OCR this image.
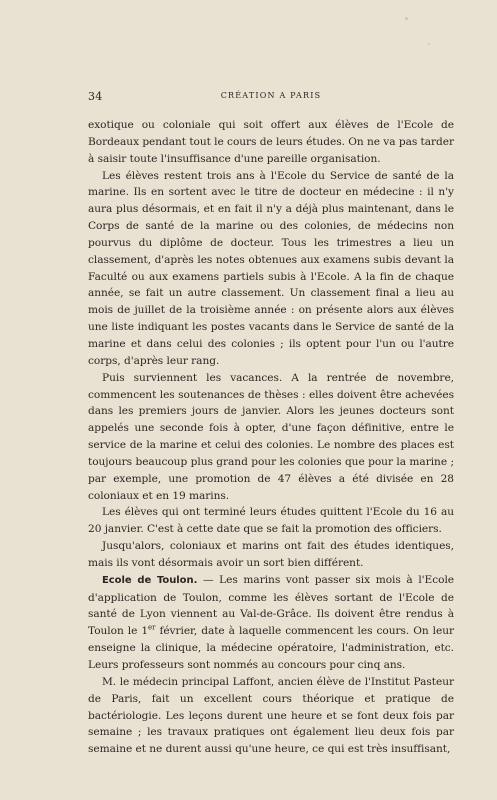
34	CRÉATION A PARIS

exotique ou coloniale qui soit offert aux élèves de l'Ecole de Bordeaux pendant tout le cours de leurs études. On ne va pas tarder à saisir toute l'insuffisance d'une pareille organisation.

Les élèves restent trois ans à l'Ecole du Service de santé de la marine. Ils en sortent avec le titre de docteur en médecine : il n'y aura plus désormais, et en fait il n'y a déjà plus maintenant, dans le Corps de santé de la marine ou des colonies, de médecins non pourvus du diplôme de docteur. Tous les trimestres a lieu un classement, d'après les notes obtenues aux examens subis devant la Faculté ou aux examens partiels subis à l'Ecole. A la fin de chaque année, se fait un autre classement. Un classement final a lieu au mois de juillet de la troisième année : on présente alors aux élèves une liste indiquant les postes vacants dans le Service de santé de la marine et dans celui des colonies ; ils optent pour l'un ou l'autre corps, d'après leur rang.

Puis surviennent les vacances. A la rentrée de novembre, commencent les soutenances de thèses : elles doivent être achevées dans les premiers jours de janvier. Alors les jeunes docteurs sont appelés une seconde fois à opter, d'une façon définitive, entre le service de la marine et celui des colonies. Le nombre des places est toujours beaucoup plus grand pour les colonies que pour la marine ; par exemple, une promotion de 47 élèves a été divisée en 28 coloniaux et en 19 marins.

Les élèves qui ont terminé leurs études quittent l'Ecole du 16 au 20 janvier. C'est à cette date que se fait la promotion des officiers.

Jusqu'alors, coloniaux et marins ont fait des études identiques, mais ils vont désormais avoir un sort bien différent.

Ecole de Toulon. — Les marins vont passer six mois à l'Ecole d'application de Toulon, comme les élèves sortant de l'Ecole de santé de Lyon viennent au Val-de-Grâce. Ils doivent être rendus à Toulon le 1er février, date à laquelle commencent les cours. On leur enseigne la clinique, la médecine opératoire, l'administration, etc. Leurs professeurs sont nommés au concours pour cinq ans.

M. le médecin principal Laffont, ancien élève de l'Institut Pasteur de Paris, fait un excellent cours théorique et pratique de bactériologie. Les leçons durent une heure et se font deux fois par semaine ; les travaux pratiques ont également lieu deux fois par semaine et ne durent aussi qu'une heure, ce qui est très insuffisant,
